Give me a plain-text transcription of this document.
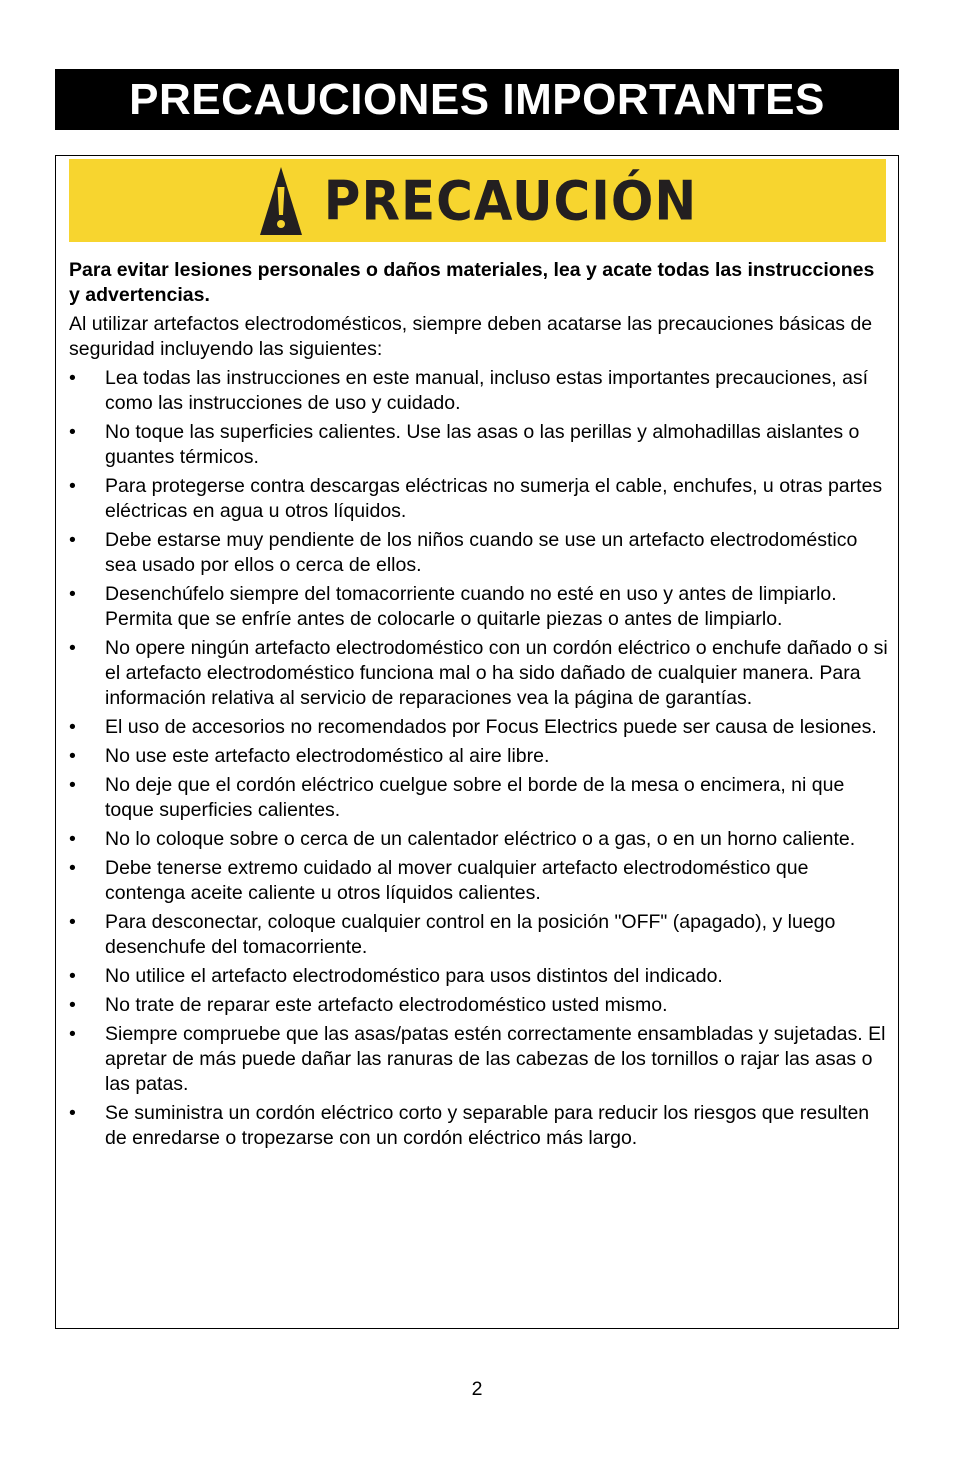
PRECAUCIONES IMPORTANTES
PRECAUCIÓN

Para evitar lesiones personales o daños materiales, lea y acate todas las instrucciones y advertencias.

Al utilizar artefactos electrodomésticos, siempre deben acatarse las precauciones básicas de seguridad incluyendo las siguientes:

•	Lea todas las instrucciones en este manual, incluso estas importantes precauciones, así como las instrucciones de uso y cuidado.
•	No toque las superficies calientes. Use las asas o las perillas y almohadillas aislantes o guantes térmicos.
•	Para protegerse contra descargas eléctricas no sumerja el cable, enchufes, u otras partes eléctricas en agua u otros líquidos.
•	Debe estarse muy pendiente de los niños cuando se use un artefacto electrodoméstico sea usado por ellos o cerca de ellos.
•	Desenchúfelo siempre del tomacorriente cuando no esté en uso y antes de limpiarlo. Permita que se enfríe antes de colocarle o quitarle piezas o antes de limpiarlo.
•	No opere ningún artefacto electrodoméstico con un cordón eléctrico o enchufe dañado o si el artefacto electrodoméstico funciona mal o ha sido dañado de cualquier manera. Para información relativa al servicio de reparaciones vea la página de garantías.
•	El uso de accesorios no recomendados por Focus Electrics puede ser causa de lesiones.
•	No use este artefacto electrodoméstico al aire libre.
•	No deje que el cordón eléctrico cuelgue sobre el borde de la mesa o encimera, ni que toque superficies calientes.
•	No lo coloque sobre o cerca de un calentador eléctrico o a gas, o en un horno caliente.
•	Debe tenerse extremo cuidado al mover cualquier artefacto electrodoméstico que contenga aceite caliente u otros líquidos calientes.
•	Para desconectar, coloque cualquier control en la posición "OFF" (apagado), y luego desenchufe del tomacorriente.
•	No utilice el artefacto electrodoméstico para usos distintos del indicado.
•	No trate de reparar este artefacto electrodoméstico usted mismo.
•	Siempre compruebe que las asas/patas estén correctamente ensambladas y sujetadas. El apretar de más puede dañar las ranuras de las cabezas de los tornillos o rajar las asas o las patas.
•	Se suministra un cordón eléctrico corto y separable para reducir los riesgos que resulten de enredarse o tropezarse con un cordón eléctrico más largo.
2
